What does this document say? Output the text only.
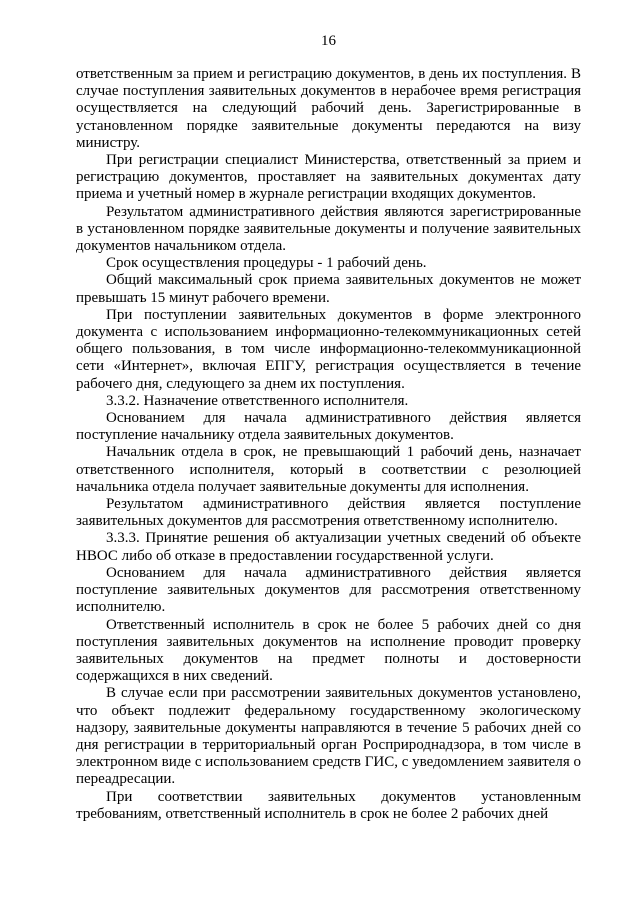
16

ответственным за прием и регистрацию документов, в день их поступления. В случае поступления заявительных документов в нерабочее время регистрация осуществляется на следующий рабочий день. Зарегистрированные в установленном порядке заявительные документы передаются на визу министру.

При регистрации специалист Министерства, ответственный за прием и регистрацию документов, проставляет на заявительных документах дату приема и учетный номер в журнале регистрации входящих документов.

Результатом административного действия являются зарегистрированные в установленном порядке заявительные документы и получение заявительных документов начальником отдела.

Срок осуществления процедуры - 1 рабочий день.

Общий максимальный срок приема заявительных документов не может превышать 15 минут рабочего времени.

При поступлении заявительных документов в форме электронного документа с использованием информационно-телекоммуникационных сетей общего пользования, в том числе информационно-телекоммуникационной сети «Интернет», включая ЕПГУ, регистрация осуществляется в течение рабочего дня, следующего за днем их поступления.

3.3.2. Назначение ответственного исполнителя.

Основанием для начала административного действия является поступление начальнику отдела заявительных документов.

Начальник отдела в срок, не превышающий 1 рабочий день, назначает ответственного исполнителя, который в соответствии с резолюцией начальника отдела получает заявительные документы для исполнения.

Результатом административного действия является поступление заявительных документов для рассмотрения ответственному исполнителю.

3.3.3. Принятие решения об актуализации учетных сведений об объекте НВОС либо об отказе в предоставлении государственной услуги.

Основанием для начала административного действия является поступление заявительных документов для рассмотрения ответственному исполнителю.

Ответственный исполнитель в срок не более 5 рабочих дней со дня поступления заявительных документов на исполнение проводит проверку заявительных документов на предмет полноты и достоверности содержащихся в них сведений.

В случае если при рассмотрении заявительных документов установлено, что объект подлежит федеральному государственному экологическому надзору, заявительные документы направляются в течение 5 рабочих дней со дня регистрации в территориальный орган Росприроднадзора, в том числе в электронном виде с использованием средств ГИС, с уведомлением заявителя о переадресации.

При соответствии заявительных документов установленным требованиям, ответственный исполнитель в срок не более 2 рабочих дней
